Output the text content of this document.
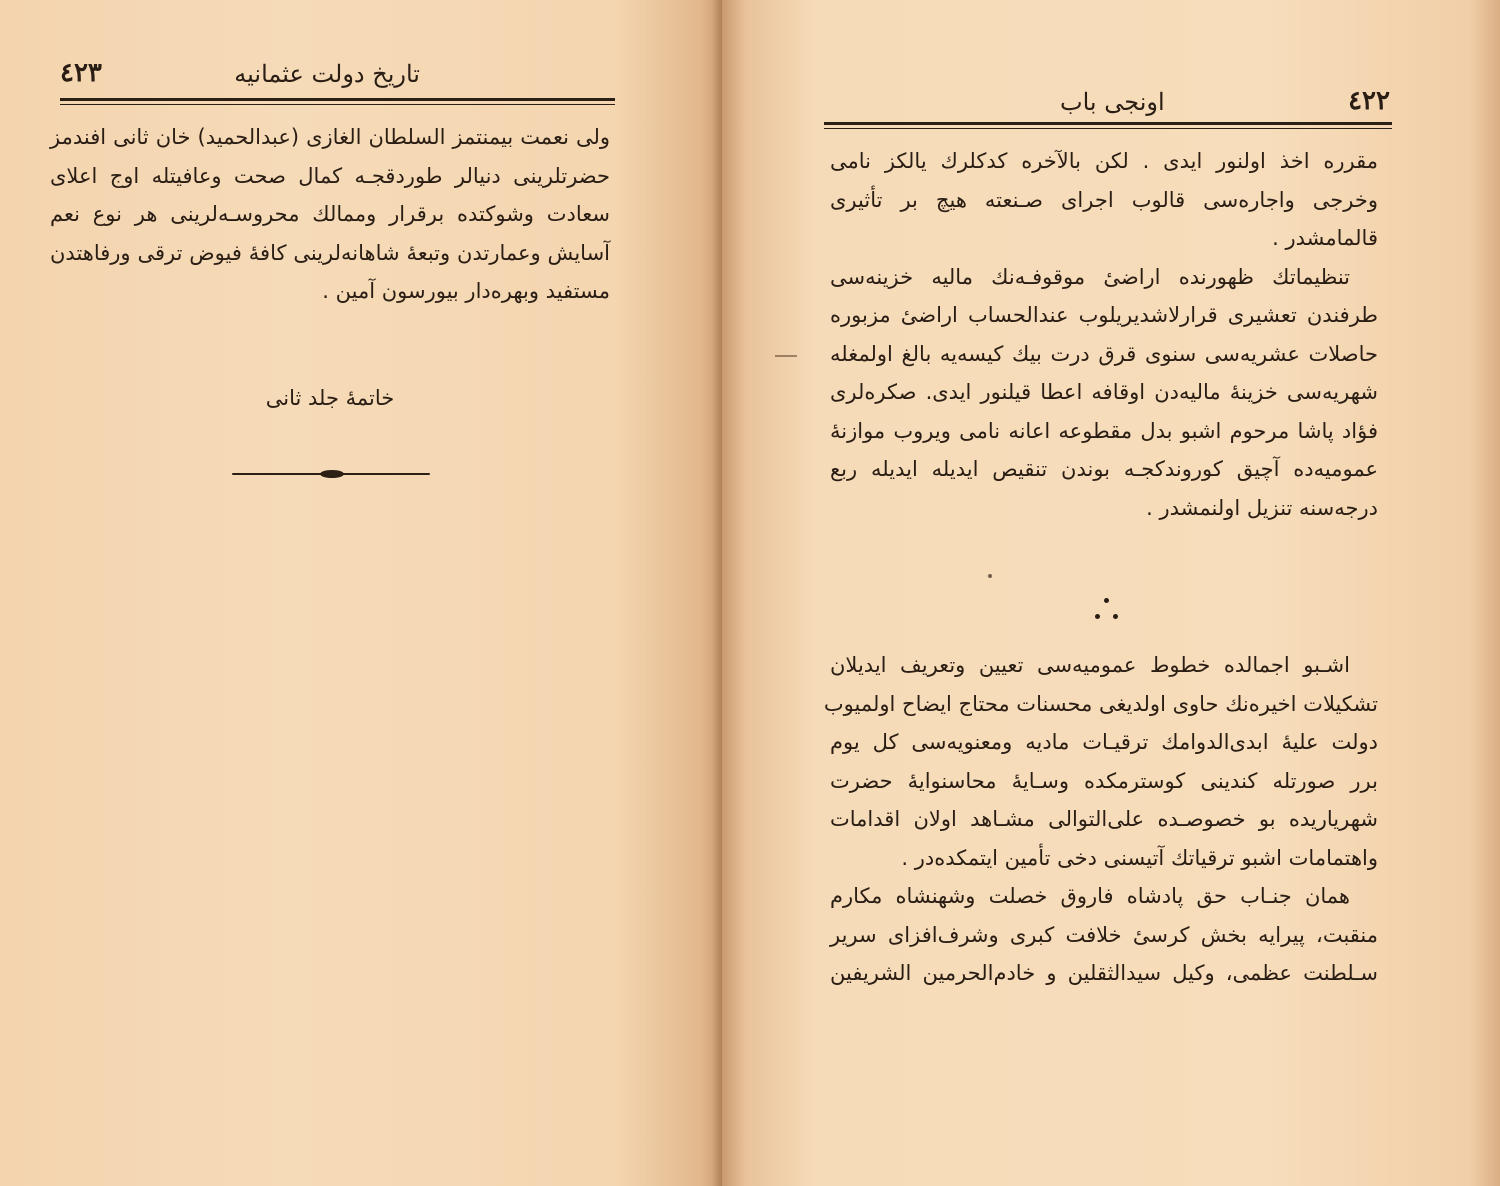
٤٢٣	تاریخ دولت عثمانیه
ولی نعمت بیمنتمز السلطان الغازی (عبدالحمید) خان ثانی افندمز
حضرتلرینی دنیالر طوردقجـه کمال صحت وعافیتله اوج اعلای
سعادت وشوکتده برقرار وممالك محروسـه‌لرینی هر نوع نعم
آسایش وعمارتدن وتبعهٔ شاهانه‌لرینی کافهٔ فیوض ترقی ورفاهتدن
مستفید وبهره‌دار بیورسون آمین .
خاتمهٔ جلد ثانی
اونجی باب	٤٢٢
مقرره اخذ اولنور ایدی . لکن بالآخره کدکلرك یالکز نامی
وخرجی واجاره‌سی قالوب اجرای صـنعته هیچ بر تأثیری
قالمامشدر .
تنظیماتك ظهورنده اراضیٔ موقوفـه‌نك مالیه خزینه‌سی
طرفندن تعشیری قرارلاشدیریلوب عندالحساب اراضیٔ مزبوره
حاصلات عشریه‌سی سنوی قرق درت بیك کیسه‌یه بالغ اولمغله
شهریه‌سی خزینهٔ مالیه‌دن اوقافه اعطا قیلنور ایدی. صکره‌لری
فؤاد پاشا مرحوم اشبو بدل مقطوعه اعانه نامی ویروب موازنهٔ
عمومیه‌ده آچیق کوروندکجـه بوندن تنقیص ایدیله ایدیله ربع
درجه‌سنه تنزیل اولنمشدر .
اشـبو اجمالده خطوط عمومیه‌سی تعیین وتعریف ایدیلان
تشکیلات اخیره‌نك حاوی اولدیغی محسنات محتاج ایضاح اولمیوب
دولت علیهٔ ابدی‌الدوامك ترقیـات مادیه ومعنویه‌سی کل یوم
برر صورتله کندینی کوسترمکده وسـایهٔ محاسنوایهٔ حضرت
شهریاریده بو خصوصـده علی‌التوالی مشـاهد اولان اقدامات
واهتمامات اشبو ترقیاتك آتیسنی دخی تأمین ایتمکده‌در .
همان جنـاب حق پادشاه فاروق خصلت وشهنشاه مکارم
منقبت، پیرایه بخش کرسیٔ خلافت کبری وشرف‌افزای سریر
سـلطنت عظمی، وکیل سیدالثقلین و خادم‌الحرمین الشریفین
